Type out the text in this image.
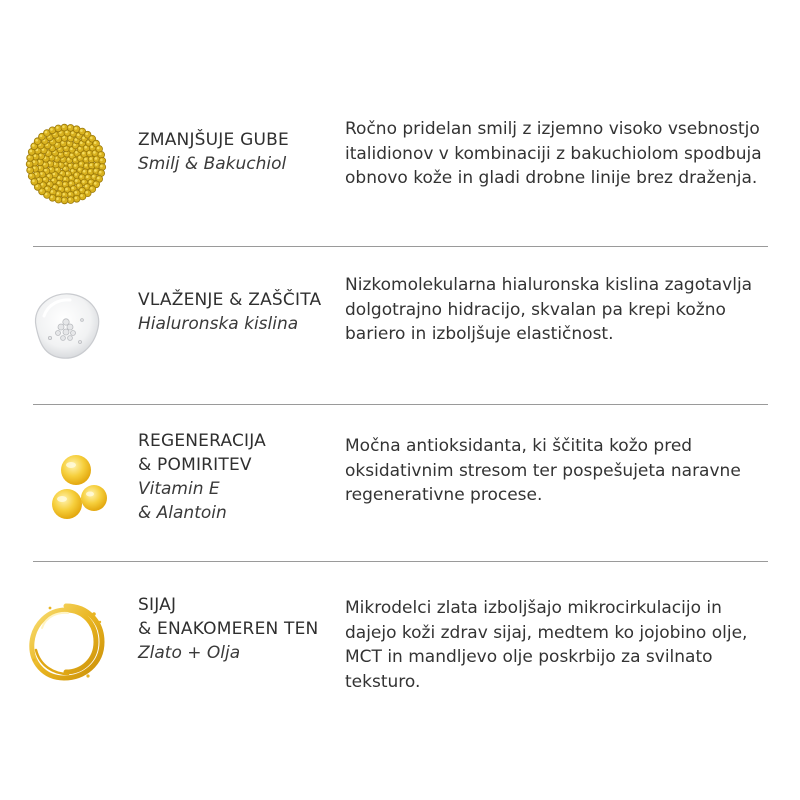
ZMANJŠUJE GUBE
Smilj & Bakuchiol
Ročno pridelan smilj z izjemno visoko vsebnostjo italidionov v kombinaciji z bakuchiolom spodbuja obnovo kože in gladi drobne linije brez draženja.
VLAŽENJE & ZAŠČITA
Hialuronska kislina
Nizkomolekularna hialuronska kislina zagotavlja dolgotrajno hidracijo, skvalan pa krepi kožno bariero in izboljšuje elastičnost.
REGENERACIJA
& POMIRITEV
Vitamin E
& Alantoin
Močna antioksidanta, ki ščitita kožo pred oksidativnim stresom ter pospešujeta naravne regenerativne procese.
SIJAJ
& ENAKOMEREN TEN
Zlato + Olja
Mikrodelci zlata izboljšajo mikrocirkulacijo in dajejo koži zdrav sijaj, medtem ko jojobino olje, MCT in mandljevo olje poskrbijo za svilnato teksturo.
